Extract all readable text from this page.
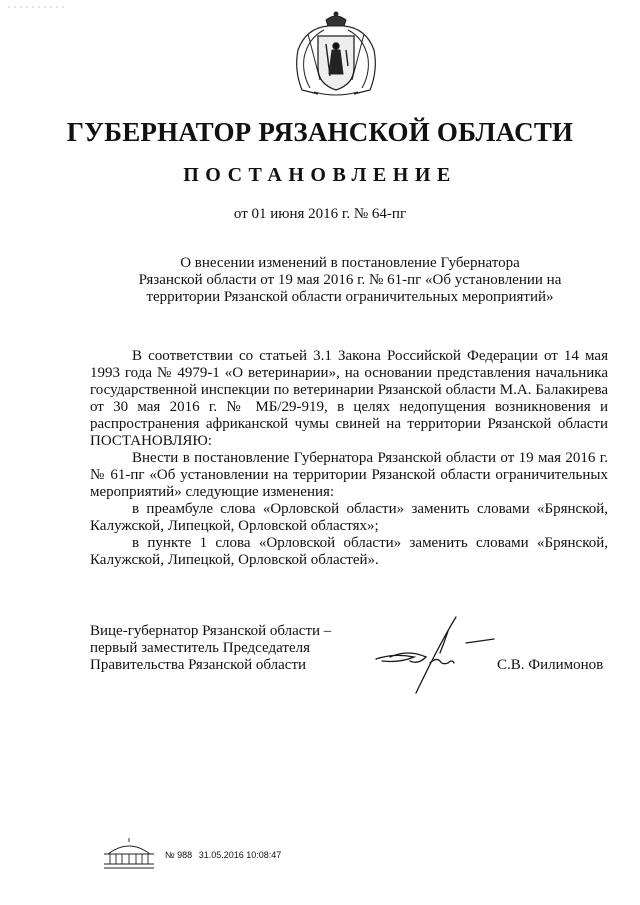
ГУБЕРНАТОР РЯЗАНСКОЙ ОБЛАСТИ
ПОСТАНОВЛЕНИЕ
от 01 июня 2016 г. № 64-пг
О внесении изменений в постановление Губернатора
Рязанской области от 19 мая 2016 г. № 61-пг «Об установлении на
территории Рязанской области ограничительных мероприятий»

В соответствии со статьей 3.1 Закона Российской Федерации от 14 мая 1993 года № 4979-1 «О ветеринарии», на основании представления начальника государственной инспекции по ветеринарии Рязанской области М.А. Балакирева от 30 мая 2016 г. № МБ/29-919, в целях недопущения возникновения и распространения африканской чумы свиней на территории Рязанской области ПОСТАНОВЛЯЮ:

Внести в постановление Губернатора Рязанской области от 19 мая 2016 г. № 61-пг «Об установлении на территории Рязанской области ограничительных мероприятий» следующие изменения:

в преамбуле слова «Орловской области» заменить словами «Брянской, Калужской, Липецкой, Орловской областях»;

в пункте 1 слова «Орловской области» заменить словами «Брянской, Калужской, Липецкой, Орловской областей».

Вице-губернатор Рязанской области –
первый заместитель Председателя
Правительства Рязанской области	С.В. Филимонов
№ 988 31.05.2016 10:08:47
